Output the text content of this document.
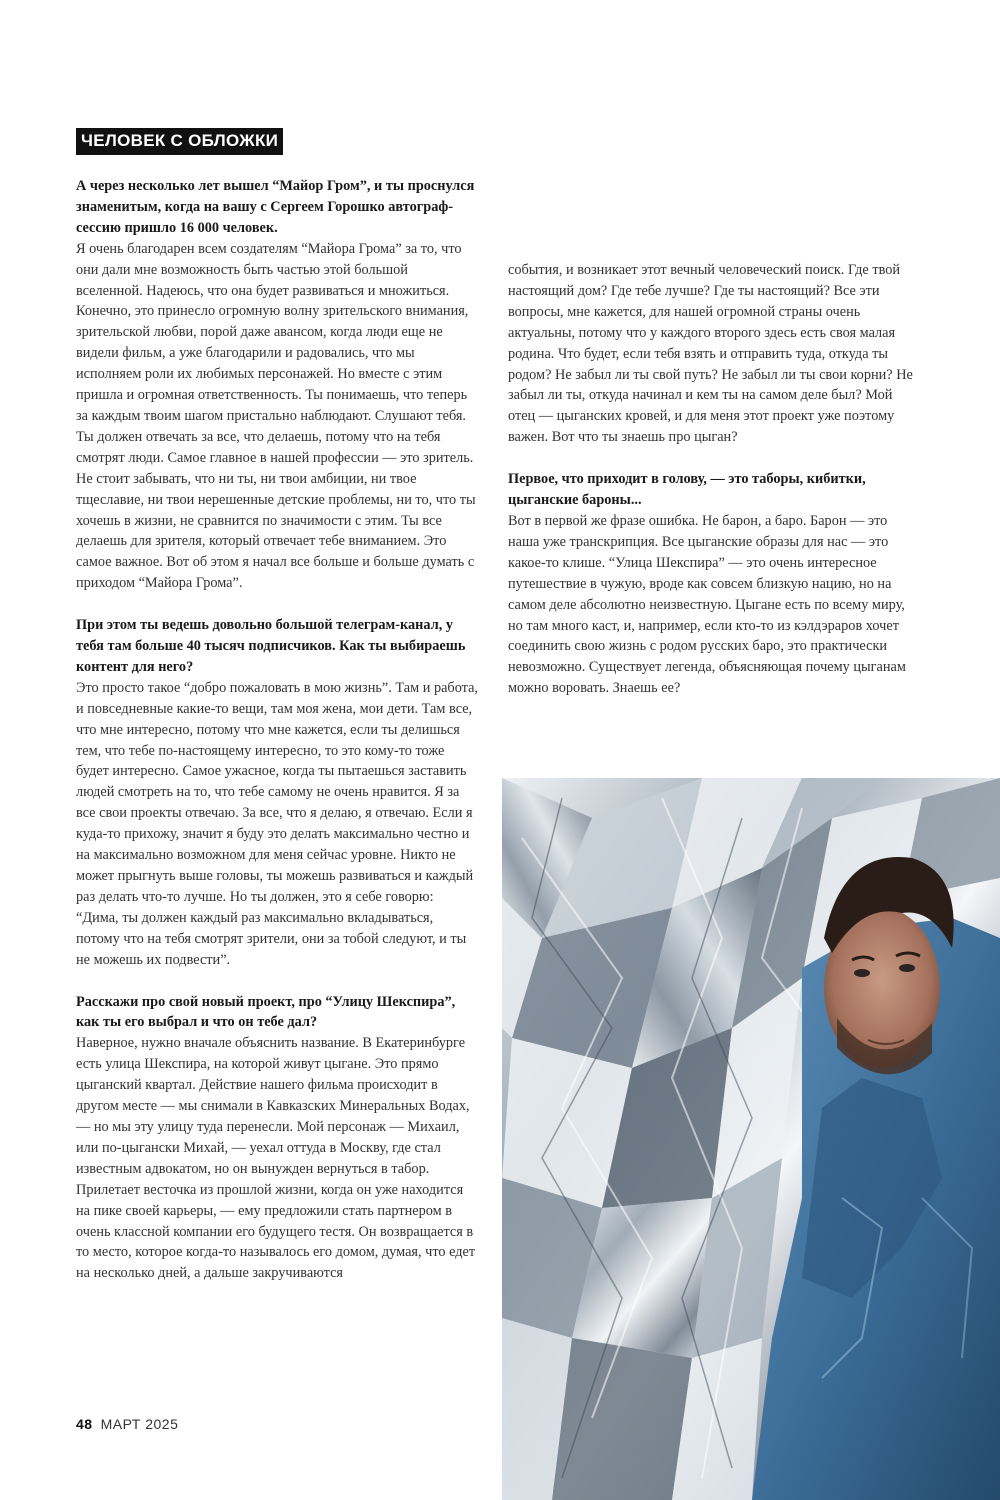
ЧЕЛОВЕК С ОБЛОЖКИ

А через несколько лет вышел “Майор Гром”, и ты проснулся знаменитым, когда на вашу с Сергеем Горошко автограф-сессию пришло 16 000 человек.

Я очень благодарен всем создателям “Майора Грома” за то, что они дали мне возможность быть частью этой большой вселенной. Надеюсь, что она будет развиваться и множиться. Конечно, это принесло огромную волну зрительского внимания, зрительской любви, порой даже авансом, когда люди еще не видели фильм, а уже благодарили и радовались, что мы исполняем роли их любимых персонажей. Но вместе с этим пришла и огромная ответственность. Ты понимаешь, что теперь за каждым твоим шагом пристально наблюдают. Слушают тебя. Ты должен отвечать за все, что делаешь, потому что на тебя смотрят люди. Самое главное в нашей профессии — это зритель. Не стоит забывать, что ни ты, ни твои амбиции, ни твое тщеславие, ни твои нерешенные детские проблемы, ни то, что ты хочешь в жизни, не сравнится по значимости с этим. Ты все делаешь для зрителя, который отвечает тебе вниманием. Это самое важное. Вот об этом я начал все больше и больше думать с приходом “Майора Грома”.

При этом ты ведешь довольно большой телеграм-канал, у тебя там больше 40 тысяч подписчиков. Как ты выбираешь контент для него?

Это просто такое “добро пожаловать в мою жизнь”. Там и работа, и повседневные какие-то вещи, там моя жена, мои дети. Там все, что мне интересно, потому что мне кажется, если ты делишься тем, что тебе по-настоящему интересно, то это кому-то тоже будет интересно. Самое ужасное, когда ты пытаешься заставить людей смотреть на то, что тебе самому не очень нравится. Я за все свои проекты отвечаю. За все, что я делаю, я отвечаю. Если я куда-то прихожу, значит я буду это делать максимально честно и на максимально возможном для меня сейчас уровне. Никто не может прыгнуть выше головы, ты можешь развиваться и каждый раз делать что-то лучше. Но ты должен, это я себе говорю: “Дима, ты должен каждый раз максимально вкладываться, потому что на тебя смотрят зрители, они за тобой следуют, и ты не можешь их подвести”.

Расскажи про свой новый проект, про “Улицу Шекспира”, как ты его выбрал и что он тебе дал?

Наверное, нужно вначале объяснить название. В Екатеринбурге есть улица Шекспира, на которой живут цыгане. Это прямо цыганский квартал. Действие нашего фильма происходит в другом месте — мы снимали в Кавказских Минеральных Водах, — но мы эту улицу туда перенесли. Мой персонаж — Михаил, или по-цыгански Михай, — уехал оттуда в Москву, где стал известным адвокатом, но он вынужден вернуться в табор. Прилетает весточка из прошлой жизни, когда он уже находится на пике своей карьеры, — ему предложили стать партнером в очень классной компании его будущего тестя. Он возвращается в то место, которое когда-то называлось его домом, думая, что едет на несколько дней, а дальше закручиваются

события, и возникает этот вечный человеческий поиск. Где твой настоящий дом? Где тебе лучше? Где ты настоящий? Все эти вопросы, мне кажется, для нашей огромной страны очень актуальны, потому что у каждого второго здесь есть своя малая родина. Что будет, если тебя взять и отправить туда, откуда ты родом? Не забыл ли ты свой путь? Не забыл ли ты свои корни? Не забыл ли ты, откуда начинал и кем ты на самом деле был? Мой отец — цыганских кровей, и для меня этот проект уже поэтому важен. Вот что ты знаешь про цыган?

Первое, что приходит в голову, — это таборы, кибитки, цыганские бароны...

Вот в первой же фразе ошибка. Не барон, а баро. Барон — это наша уже транскрипция. Все цыганские образы для нас — это какое-то клише. “Улица Шекспира” — это очень интересное путешествие в чужую, вроде как совсем близкую нацию, но на самом деле абсолютно неизвестную. Цыгане есть по всему миру, но там много каст, и, например, если кто-то из кэлдэраров хочет соединить свою жизнь с родом русских баро, это практически невозможно. Существует легенда, объясняющая почему цыганам можно воровать. Знаешь ее?

48 МАРТ 2025
